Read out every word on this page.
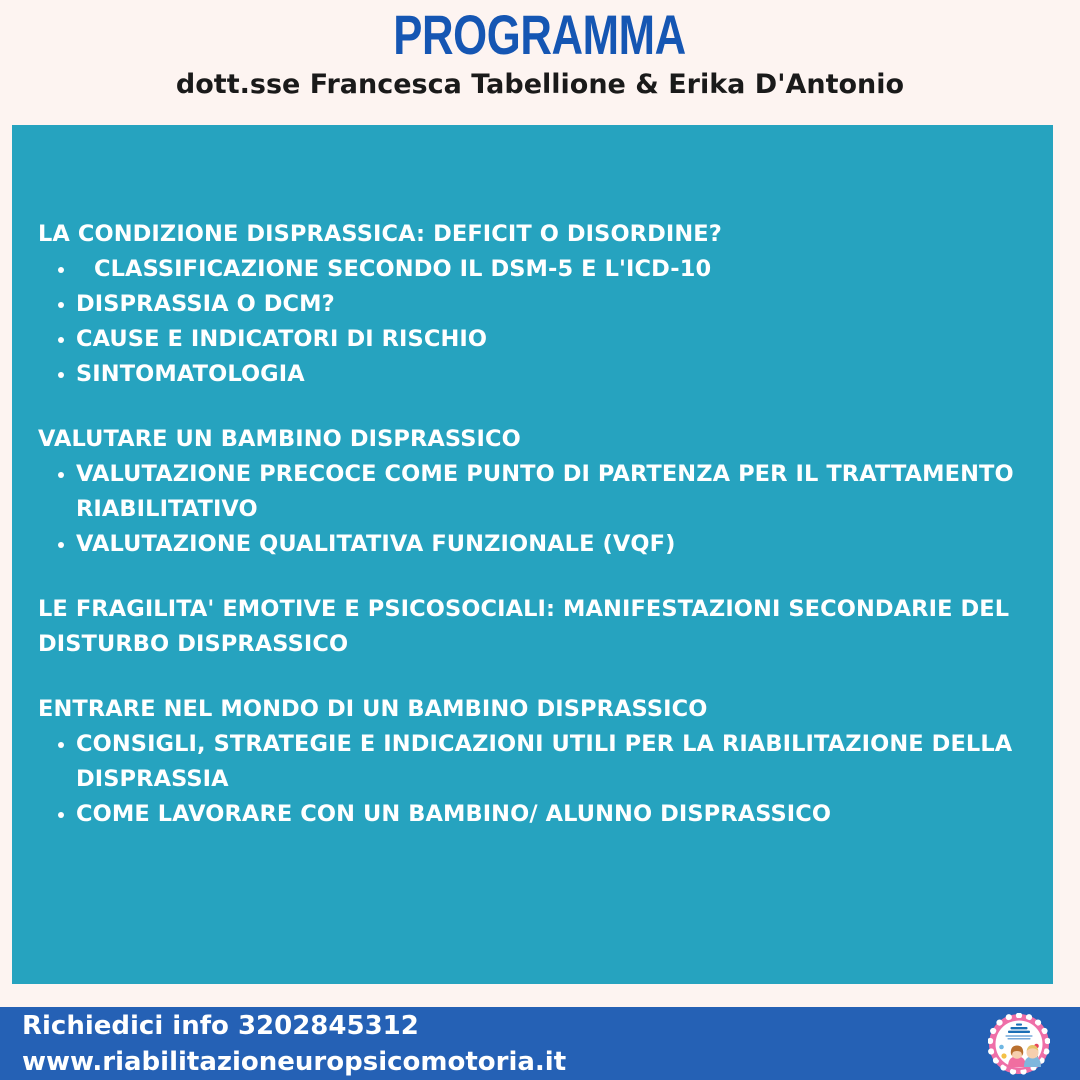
PROGRAMMA
dott.sse Francesca Tabellione & Erika D'Antonio
LA CONDIZIONE DISPRASSICA: DEFICIT O DISORDINE?
CLASSIFICAZIONE SECONDO IL DSM-5 E L'ICD-10
DISPRASSIA O DCM?
CAUSE E INDICATORI DI RISCHIO
SINTOMATOLOGIA
VALUTARE UN BAMBINO DISPRASSICO
VALUTAZIONE PRECOCE COME PUNTO DI PARTENZA PER IL TRATTAMENTO RIABILITATIVO
VALUTAZIONE QUALITATIVA FUNZIONALE (VQF)
LE FRAGILITA' EMOTIVE E PSICOSOCIALI: MANIFESTAZIONI SECONDARIE DEL DISTURBO DISPRASSICO
ENTRARE NEL MONDO DI UN BAMBINO DISPRASSICO
CONSIGLI, STRATEGIE E INDICAZIONI UTILI PER LA RIABILITAZIONE DELLA DISPRASSIA
COME LAVORARE CON UN BAMBINO/ ALUNNO DISPRASSICO
Richiedici info 3202845312
www.riabilitazioneuropsicomotoria.it
